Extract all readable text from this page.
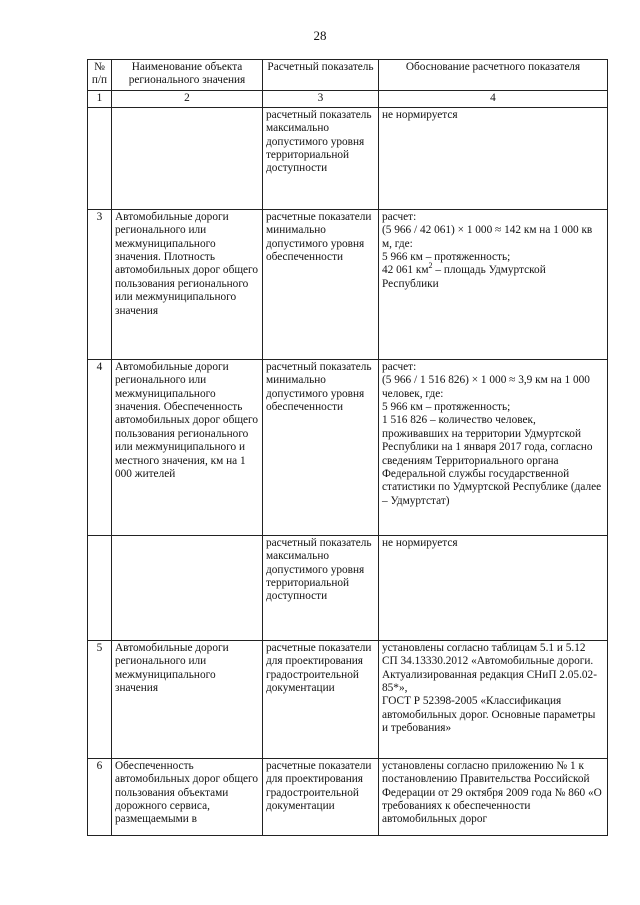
28
№ п/п	Наименование объекта регионального значения	Расчетный показатель	Обоснование расчетного показателя
1	2	3	4
		расчетный показатель максимально допустимого уровня территориальной доступности	не нормируется

3	Автомобильные дороги регионального или межмуниципального значения. Плотность автомобильных дорог общего пользования регионального или межмуниципального значения	расчетные показатели минимально допустимого уровня обеспеченности	расчет:
(5 966 / 42 061) × 1 000 ≈ 142 км на 1 000 кв м, где:
5 966 км – протяженность;
42 061 $км^2$ – площадь Удмуртской Республики

4	Автомобильные дороги регионального или межмуниципального значения. Обеспеченность автомобильных дорог общего пользования регионального или межмуниципального и местного значения, км на 1 000 жителей	расчетный показатель минимально допустимого уровня обеспеченности	расчет:
(5 966 / 1 516 826) × 1 000 ≈ 3,9 км на 1 000 человек, где:
5 966 км – протяженность;
1 516 826 – количество человек, проживавших на территории Удмуртской Республики на 1 января 2017 года, согласно сведениям Территориального органа Федеральной службы государственной статистики по Удмуртской Республике (далее – Удмуртстат)

		расчетный показатель максимально допустимого уровня территориальной доступности	не нормируется

5	Автомобильные дороги регионального или межмуниципального значения	расчетные показатели для проектирования градостроительной документации	установлены согласно таблицам 5.1 и 5.12 СП 34.13330.2012 «Автомобильные дороги. Актуализированная редакция СНиП 2.05.02-85*»,
ГОСТ Р 52398-2005 «Классификация автомобильных дорог. Основные параметры и требования»

6	Обеспеченность автомобильных дорог общего пользования объектами дорожного сервиса, размещаемыми в	расчетные показатели для проектирования градостроительной документации	установлены согласно приложению № 1 к постановлению Правительства Российской Федерации от 29 октября 2009 года № 860 «О требованиях к обеспеченности автомобильных дорог
